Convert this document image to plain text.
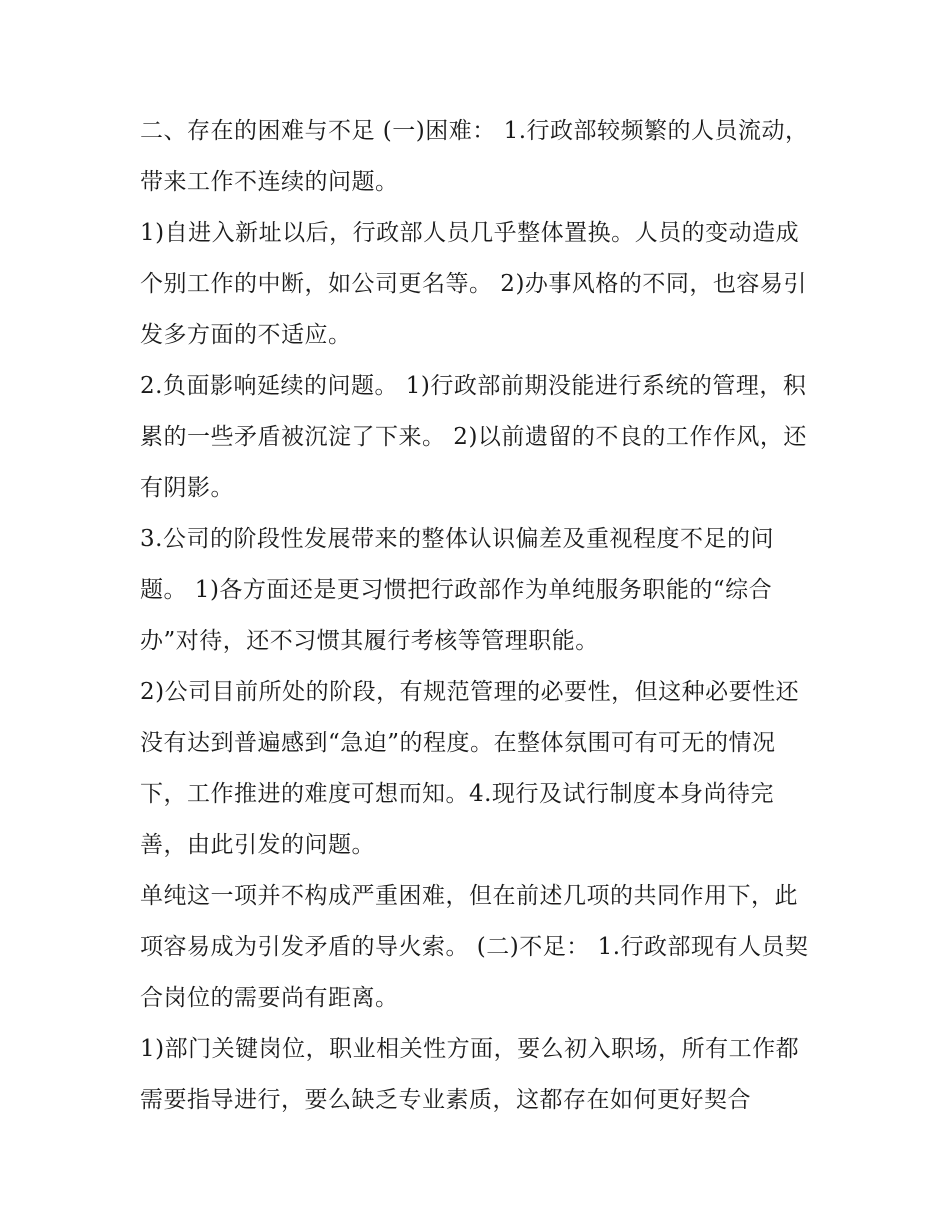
二、存在的困难与不足 (一)困难： 1.行政部较频繁的人员流动，带来工作不连续的问题。

1)自进入新址以后，行政部人员几乎整体置换。人员的变动造成个别工作的中断，如公司更名等。 2)办事风格的不同，也容易引发多方面的不适应。

2.负面影响延续的问题。 1)行政部前期没能进行系统的管理，积累的一些矛盾被沉淀了下来。 2)以前遗留的不良的工作作风，还有阴影。

3.公司的阶段性发展带来的整体认识偏差及重视程度不足的问题。 1)各方面还是更习惯把行政部作为单纯服务职能的“综合办”对待，还不习惯其履行考核等管理职能。

2)公司目前所处的阶段，有规范管理的必要性，但这种必要性还没有达到普遍感到“急迫”的程度。在整体氛围可有可无的情况下，工作推进的难度可想而知。4.现行及试行制度本身尚待完善，由此引发的问题。

单纯这一项并不构成严重困难，但在前述几项的共同作用下，此项容易成为引发矛盾的导火索。 (二)不足： 1.行政部现有人员契合岗位的需要尚有距离。

1)部门关键岗位，职业相关性方面，要么初入职场，所有工作都需要指导进行，要么缺乏专业素质，这都存在如何更好契合
